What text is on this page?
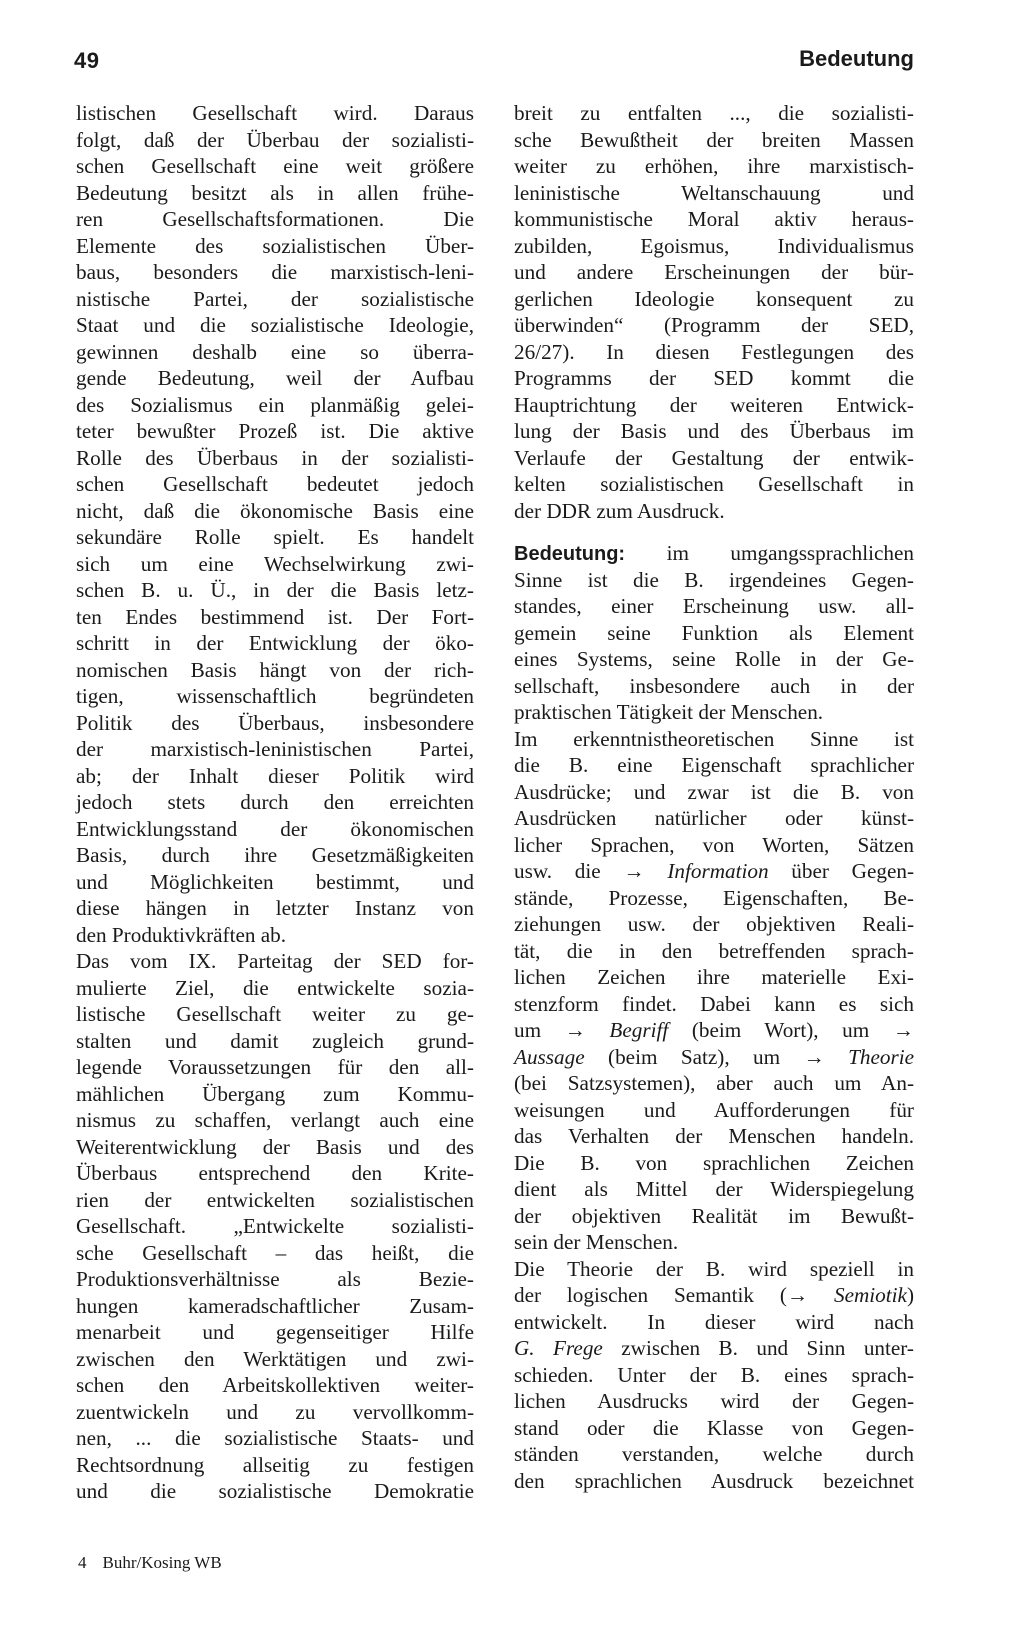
49	Bedeutung
listischen Gesellschaft wird. Daraus
folgt, daß der Überbau der sozialisti-
schen Gesellschaft eine weit größere
Bedeutung besitzt als in allen frühe-
ren Gesellschaftsformationen. Die
Elemente des sozialistischen Über-
baus, besonders die marxistisch-leni-
nistische Partei, der sozialistische
Staat und die sozialistische Ideologie,
gewinnen deshalb eine so überra-
gende Bedeutung, weil der Aufbau
des Sozialismus ein planmäßig gelei-
teter bewußter Prozeß ist. Die aktive
Rolle des Überbaus in der sozialisti-
schen Gesellschaft bedeutet jedoch
nicht, daß die ökonomische Basis eine
sekundäre Rolle spielt. Es handelt
sich um eine Wechselwirkung zwi-
schen B. u. Ü., in der die Basis letz-
ten Endes bestimmend ist. Der Fort-
schritt in der Entwicklung der öko-
nomischen Basis hängt von der rich-
tigen, wissenschaftlich begründeten
Politik des Überbaus, insbesondere
der marxistisch-leninistischen Partei,
ab; der Inhalt dieser Politik wird
jedoch stets durch den erreichten
Entwicklungsstand der ökonomischen
Basis, durch ihre Gesetzmäßigkeiten
und Möglichkeiten bestimmt, und
diese hängen in letzter Instanz von
den Produktivkräften ab.
Das vom IX. Parteitag der SED for-
mulierte Ziel, die entwickelte sozia-
listische Gesellschaft weiter zu ge-
stalten und damit zugleich grund-
legende Voraussetzungen für den all-
mählichen Übergang zum Kommu-
nismus zu schaffen, verlangt auch eine
Weiterentwicklung der Basis und des
Überbaus entsprechend den Krite-
rien der entwickelten sozialistischen
Gesellschaft. „Entwickelte sozialisti-
sche Gesellschaft – das heißt, die
Produktionsverhältnisse als Bezie-
hungen kameradschaftlicher Zusam-
menarbeit und gegenseitiger Hilfe
zwischen den Werktätigen und zwi-
schen den Arbeitskollektiven weiter-
zuentwickeln und zu vervollkomm-
nen, ... die sozialistische Staats- und
Rechtsordnung allseitig zu festigen
und die sozialistische Demokratie
breit zu entfalten ..., die sozialisti-
sche Bewußtheit der breiten Massen
weiter zu erhöhen, ihre marxistisch-
leninistische Weltanschauung und
kommunistische Moral aktiv heraus-
zubilden, Egoismus, Individualismus
und andere Erscheinungen der bür-
gerlichen Ideologie konsequent zu
überwinden“ (Programm der SED,
26/27). In diesen Festlegungen des
Programms der SED kommt die
Hauptrichtung der weiteren Entwick-
lung der Basis und des Überbaus im
Verlaufe der Gestaltung der entwik-
kelten sozialistischen Gesellschaft in
der DDR zum Ausdruck.
Bedeutung: im umgangssprachlichen
Sinne ist die B. irgendeines Gegen-
standes, einer Erscheinung usw. all-
gemein seine Funktion als Element
eines Systems, seine Rolle in der Ge-
sellschaft, insbesondere auch in der
praktischen Tätigkeit der Menschen.
Im erkenntnistheoretischen Sinne ist
die B. eine Eigenschaft sprachlicher
Ausdrücke; und zwar ist die B. von
Ausdrücken natürlicher oder künst-
licher Sprachen, von Worten, Sätzen
usw. die → Information über Gegen-
stände, Prozesse, Eigenschaften, Be-
ziehungen usw. der objektiven Reali-
tät, die in den betreffenden sprach-
lichen Zeichen ihre materielle Exi-
stenzform findet. Dabei kann es sich
um → Begriff (beim Wort), um →
Aussage (beim Satz), um → Theorie
(bei Satzsystemen), aber auch um An-
weisungen und Aufforderungen für
das Verhalten der Menschen handeln.
Die B. von sprachlichen Zeichen
dient als Mittel der Widerspiegelung
der objektiven Realität im Bewußt-
sein der Menschen.
Die Theorie der B. wird speziell in
der logischen Semantik (→ Semiotik)
entwickelt. In dieser wird nach
G. Frege zwischen B. und Sinn unter-
schieden. Unter der B. eines sprach-
lichen Ausdrucks wird der Gegen-
stand oder die Klasse von Gegen-
ständen verstanden, welche durch
den sprachlichen Ausdruck bezeichnet
4 Buhr/Kosing WB
